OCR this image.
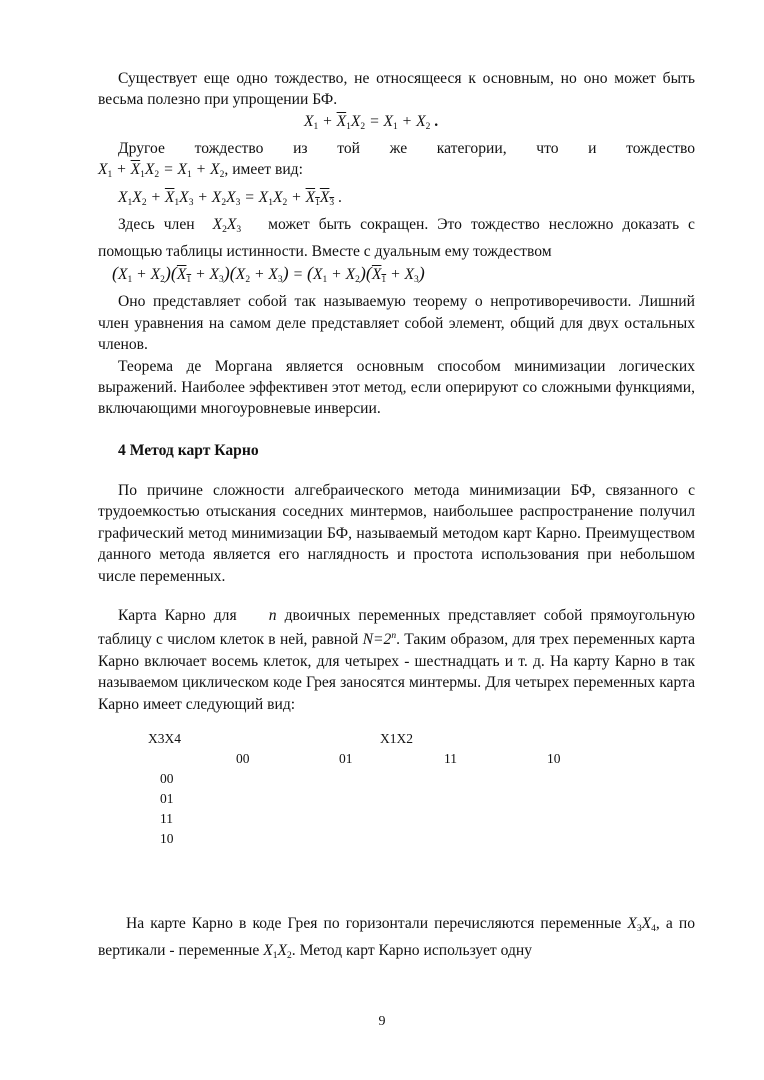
Существует еще одно тождество, не относящееся к основным, но оно может быть весьма полезно при упрощении БФ.

$X_1 + \overline{X}_1X_2 = X_1 + X_2$ .

Другое тождество из той же категории, что и тождество

$X_1 + \overline{X}_1X_2 = X_1 + X_2$, имеет вид:

$X_1X_2 + \overline{X}_1X_3 + X_2X_3 = X_1X_2 + X_1X_3$ .

Здесь член $X_2X_3$ может быть сокращен. Это тождество несложно доказать с помощью таблицы истинности. Вместе с дуальным ему тождеством

$(X_1 + X_2)(X_1 + X_3)(X_2 + X_3) = (X_1 + X_2)(X_1 + X_3)$

Оно представляет собой так называемую теорему о непротиворечивости. Лишний член уравнения на самом деле представляет собой элемент, общий для двух остальных членов.

Теорема де Моргана является основным способом минимизации логических выражений. Наиболее эффективен этот метод, если оперируют со сложными функциями, включающими многоуровневые инверсии.

4 Метод карт Карно

По причине сложности алгебраического метода минимизации БФ, связанного с трудоемкостью отыскания соседних минтермов, наибольшее распространение получил графический метод минимизации БФ, называемый методом карт Карно. Преимуществом данного метода является его наглядность и простота использования при небольшом числе переменных.

Карта Карно для n двоичных переменных представляет собой прямоугольную таблицу с числом клеток в ней, равной $N=2^n$. Таким образом, для трех переменных карта Карно включает восемь клеток, для четырех - шестнадцать и т. д. На карту Карно в так называемом циклическом коде Грея заносятся минтермы. Для четырех переменных карта Карно имеет следующий вид:

X3X4	X1X2
00	01	11	10
00
01
11
10

На карте Карно в коде Грея по горизонтали перечисляются переменные $X_3X_4$, а по вертикали - переменные $X_1X_2$. Метод карт Карно использует одну

9
